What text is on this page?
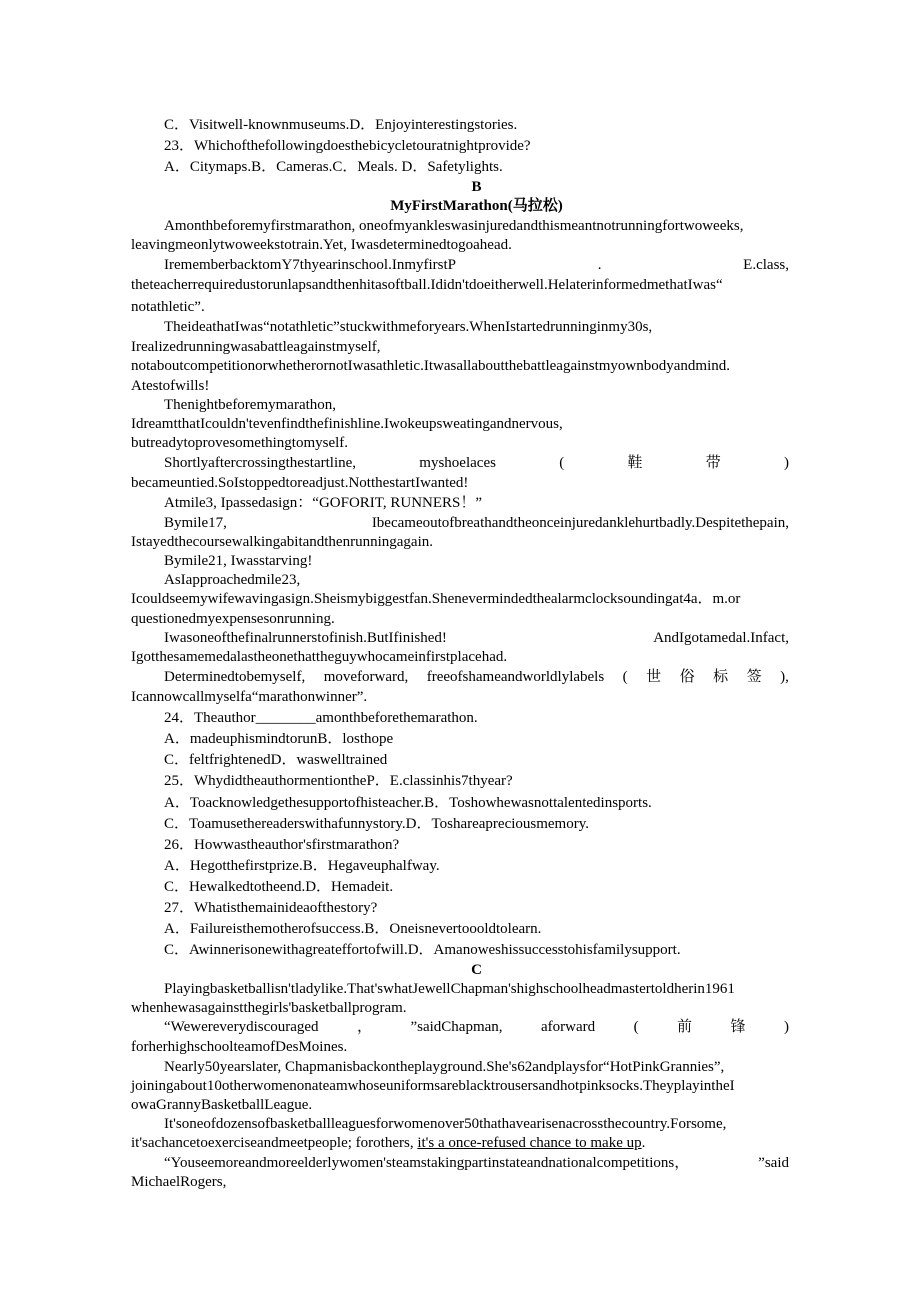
C．Visitwell-knownmuseums.D．Enjoyinterestingstories.
23．Whichofthefollowingdoesthebicycletouratnightprovide?
A．Citymaps.B．Cameras.C．Meals. D．Safetylights.
B
MyFirstMarathon(马拉松)
Amonthbeforemyfirstmarathon, oneofmyankleswasinjuredandthismeantnotrunningfortwoweeks,
leavingmeonlytwoweekstotrain.Yet, Iwasdeterminedtogoahead.
IrememberbacktomY7thyearinschool.InmyfirstP	.	E.class,
theteacherrequiredustorunlapsandthenhitasoftball.Ididn'tdoeitherwell.HelaterinformedmethatIwas“
notathletic”.
TheideathatIwas“notathletic”stuckwithmeforyears.WhenIstartedrunninginmy30s,
Irealizedrunningwasabattleagainstmyself,
notaboutcompetitionorwhetherornotIwasathletic.Itwasallaboutthebattleagainstmyownbodyandmind.
Atestofwills!
Thenightbeforemymarathon,
IdreamtthatIcouldn'tevenfindthefinishline.Iwokeupsweatingandnervous,
butreadytoprovesomethingtomyself.
Shortlyaftercrossingthestartline,	myshoelaces	(	鞋	带	)
becameuntied.SoIstoppedtoreadjust.NotthestartIwanted!
Atmile3, Ipassedasign：“GOFORIT, RUNNERS！”
Bymile17,	Ibecameoutofbreathandtheonceinjuredanklehurtbadly.Despitethepain,
Istayedthecoursewalkingabitandthenrunningagain.
Bymile21, Iwasstarving!
AsIapproachedmile23,
Icouldseemywifewavingasign.Sheismybiggestfan.Shenevermindedthealarmclocksoundingat4a．m.or
questionedmyexpensesonrunning.
Iwasoneofthefinalrunnerstofinish.ButIfinished!	AndIgotamedal.Infact,
Igotthesamemedalastheonethattheguywhocameinfirstplacehad.
Determinedtobemyself, moveforward, freeofshameandworldlylabels ( 世 俗 标 签 ),
Icannowcallmyselfa“marathonwinner”.
24．Theauthor________amonthbeforethemarathon.
A．madeuphismindtorunB．losthope
C．feltfrightenedD．waswelltrained
25．WhydidtheauthormentiontheP．E.classinhis7thyear?
A．Toacknowledgethesupportofhisteacher.B．Toshowhewasnottalentedinsports.
C．Toamusethereaderswithafunnystory.D．Toshareapreciousmemory.
26．Howwastheauthor'sfirstmarathon?
A．Hegotthefirstprize.B．Hegaveuphalfway.
C．Hewalkedtotheend.D．Hemadeit.
27．Whatisthemainideaofthestory?
A．Failureisthemotherofsuccess.B．Oneisnevertoooldtolearn.
C．Awinnerisonewithagreateffortofwill.D．Amanoweshissuccesstohisfamilysupport.
C
Playingbasketballisn'tladylike.That'swhatJewellChapman'shighschoolheadmastertoldherin1961
whenhewasagainstthegirls'basketballprogram.
“Wewereverydiscouraged	，	”saidChapman,	aforward	(	前	锋	)
forherhighschoolteamofDesMoines.
Nearly50yearslater, Chapmanisbackontheplayground.She's62andplaysfor“HotPinkGrannies”,
joiningabout10otherwomenonateamwhoseuniformsareblacktrousersandhotpinksocks.TheyplayintheI
owaGrannyBasketballLeague.
It'soneofdozensofbasketballleaguesforwomenover50thathavearisenacrossthecountry.Forsome,
it'sachancetoexerciseandmeetpeople; forothers, it's a once-refused chance to make up.
“Youseemoreandmoreelderlywomen'steamstakingpartinstateandnationalcompetitions，	”said
MichaelRogers,
